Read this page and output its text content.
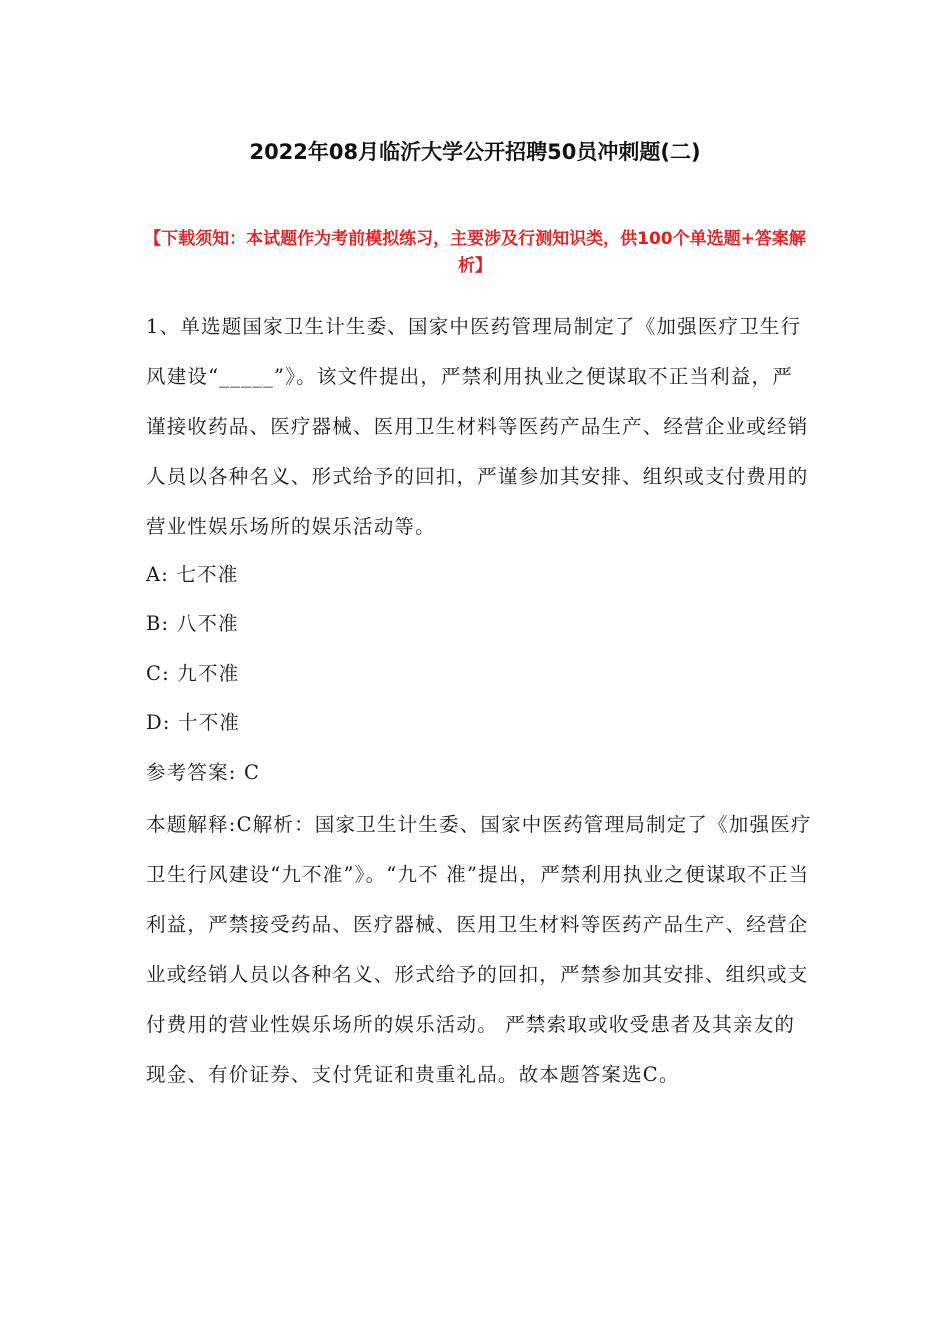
2022年08月临沂大学公开招聘50员冲刺题(二)
【下载须知：本试题作为考前模拟练习，主要涉及行测知识类，供100个单选题+答案解析】
1、单选题国家卫生计生委、国家中医药管理局制定了《加强医疗卫生行风建设“_____”》。该文件提出，严禁利用执业之便谋取不正当利益，严谨接收药品、医疗器械、医用卫生材料等医药产品生产、经营企业或经销人员以各种名义、形式给予的回扣，严谨参加其安排、组织或支付费用的营业性娱乐场所的娱乐活动等。
A: 七不准
B: 八不准
C: 九不准
D: 十不准
参考答案: C
本题解释:C解析：国家卫生计生委、国家中医药管理局制定了《加强医疗卫生行风建设“九不准”》。“九不 准”提出，严禁利用执业之便谋取不正当利益，严禁接受药品、医疗器械、医用卫生材料等医药产品生产、经营企业或经销人员以各种名义、形式给予的回扣，严禁参加其安排、组织或支付费用的营业性娱乐场所的娱乐活动。 严禁索取或收受患者及其亲友的现金、有价证券、支付凭证和贵重礼品。故本题答案选C。
